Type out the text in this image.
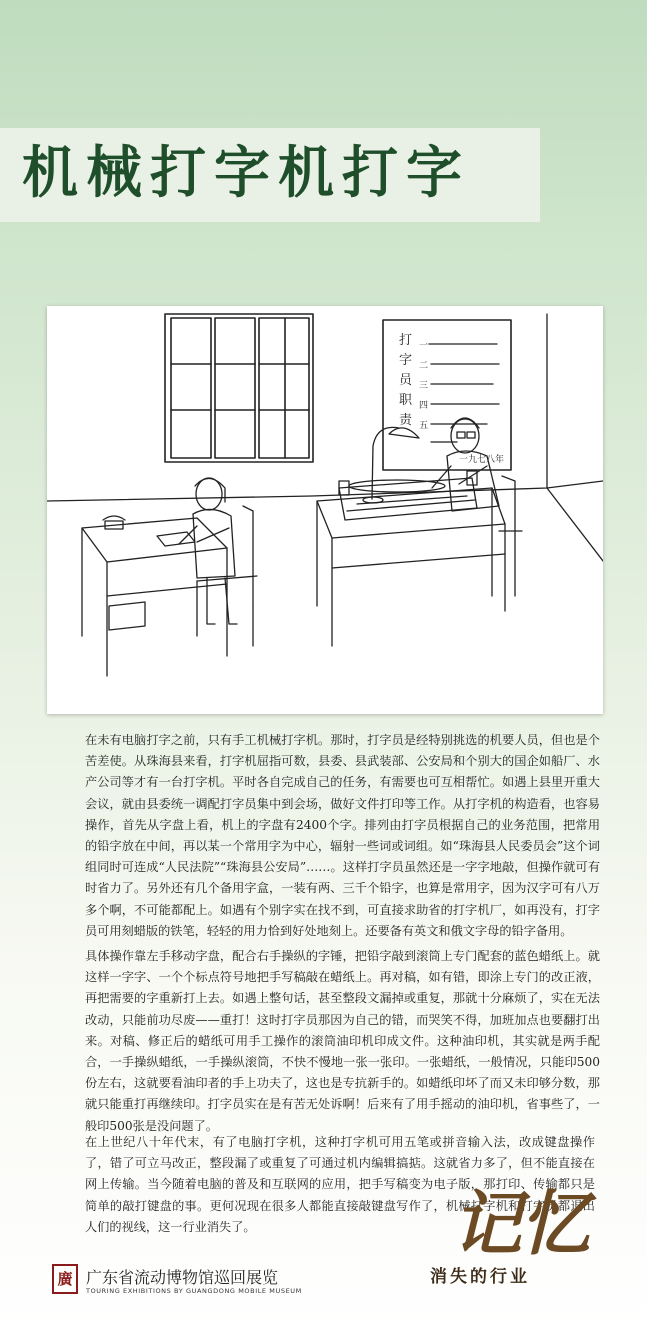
机械打字机打字
打
字
员
职
责
一
二
三
四
五
一九七八年

在未有电脑打字之前，只有手工机械打字机。那时，打字员是经特别挑选的机要人员，但也是个苦差使。从珠海县来看，打字机屈指可数，县委、县武装部、公安局和个别大的国企如船厂、水产公司等才有一台打字机。平时各自完成自己的任务，有需要也可互相帮忙。如遇上县里开重大会议，就由县委统一调配打字员集中到会场，做好文件打印等工作。从打字机的构造看，也容易操作，首先从字盘上看，机上的字盘有2400个字。排列由打字员根据自己的业务范围，把常用的铅字放在中间，再以某一个常用字为中心，辐射一些词或词组。如“珠海县人民委员会”这个词组同时可连成“人民法院”“珠海县公安局”……。这样打字员虽然还是一字字地敲，但操作就可有时省力了。另外还有几个备用字盒，一装有两、三千个铅字，也算是常用字，因为汉字可有八万多个啊，不可能都配上。如遇有个别字实在找不到，可直接求助省的打字机厂，如再没有，打字员可用刻蜡版的铁笔，轻轻的用力恰到好处地刻上。还要备有英文和俄文字母的铅字备用。

具体操作靠左手移动字盘，配合右手操纵的字锤，把铅字敲到滚筒上专门配套的蓝色蜡纸上。就这样一字字、一个个标点符号地把手写稿敲在蜡纸上。再对稿，如有错，即涂上专门的改正液，再把需要的字重新打上去。如遇上整句话，甚至整段文漏掉或重复，那就十分麻烦了，实在无法改动，只能前功尽废——重打！这时打字员那因为自己的错，而哭笑不得，加班加点也要翻打出来。对稿、修正后的蜡纸可用手工操作的滚筒油印机印成文件。这种油印机，其实就是两手配合，一手操纵蜡纸，一手操纵滚筒，不快不慢地一张一张印。一张蜡纸，一般情况，只能印500份左右，这就要看油印者的手上功夫了，这也是专抗新手的。如蜡纸印坏了而又未印够分数，那就只能重打再继续印。打字员实在是有苦无处诉啊！后来有了用手摇动的油印机，省事些了，一般印500张是没问题了。

在上世纪八十年代末，有了电脑打字机，这种打字机可用五笔或拼音输入法，改成键盘操作了，错了可立马改正，整段漏了或重复了可通过机内编辑搞掂。这就省力多了，但不能直接在网上传输。当今随着电脑的普及和互联网的应用，把手写稿变为电子版，那打印、传输都只是简单的敲打键盘的事。更何况现在很多人都能直接敲键盘写作了，机械打字机和打字员都退出人们的视线，这一行业消失了。

廣 广东省流动博物馆巡回展览
TOURING EXHIBITIONS BY GUANGDONG MOBILE MUSEUM
记忆
消失的行业
